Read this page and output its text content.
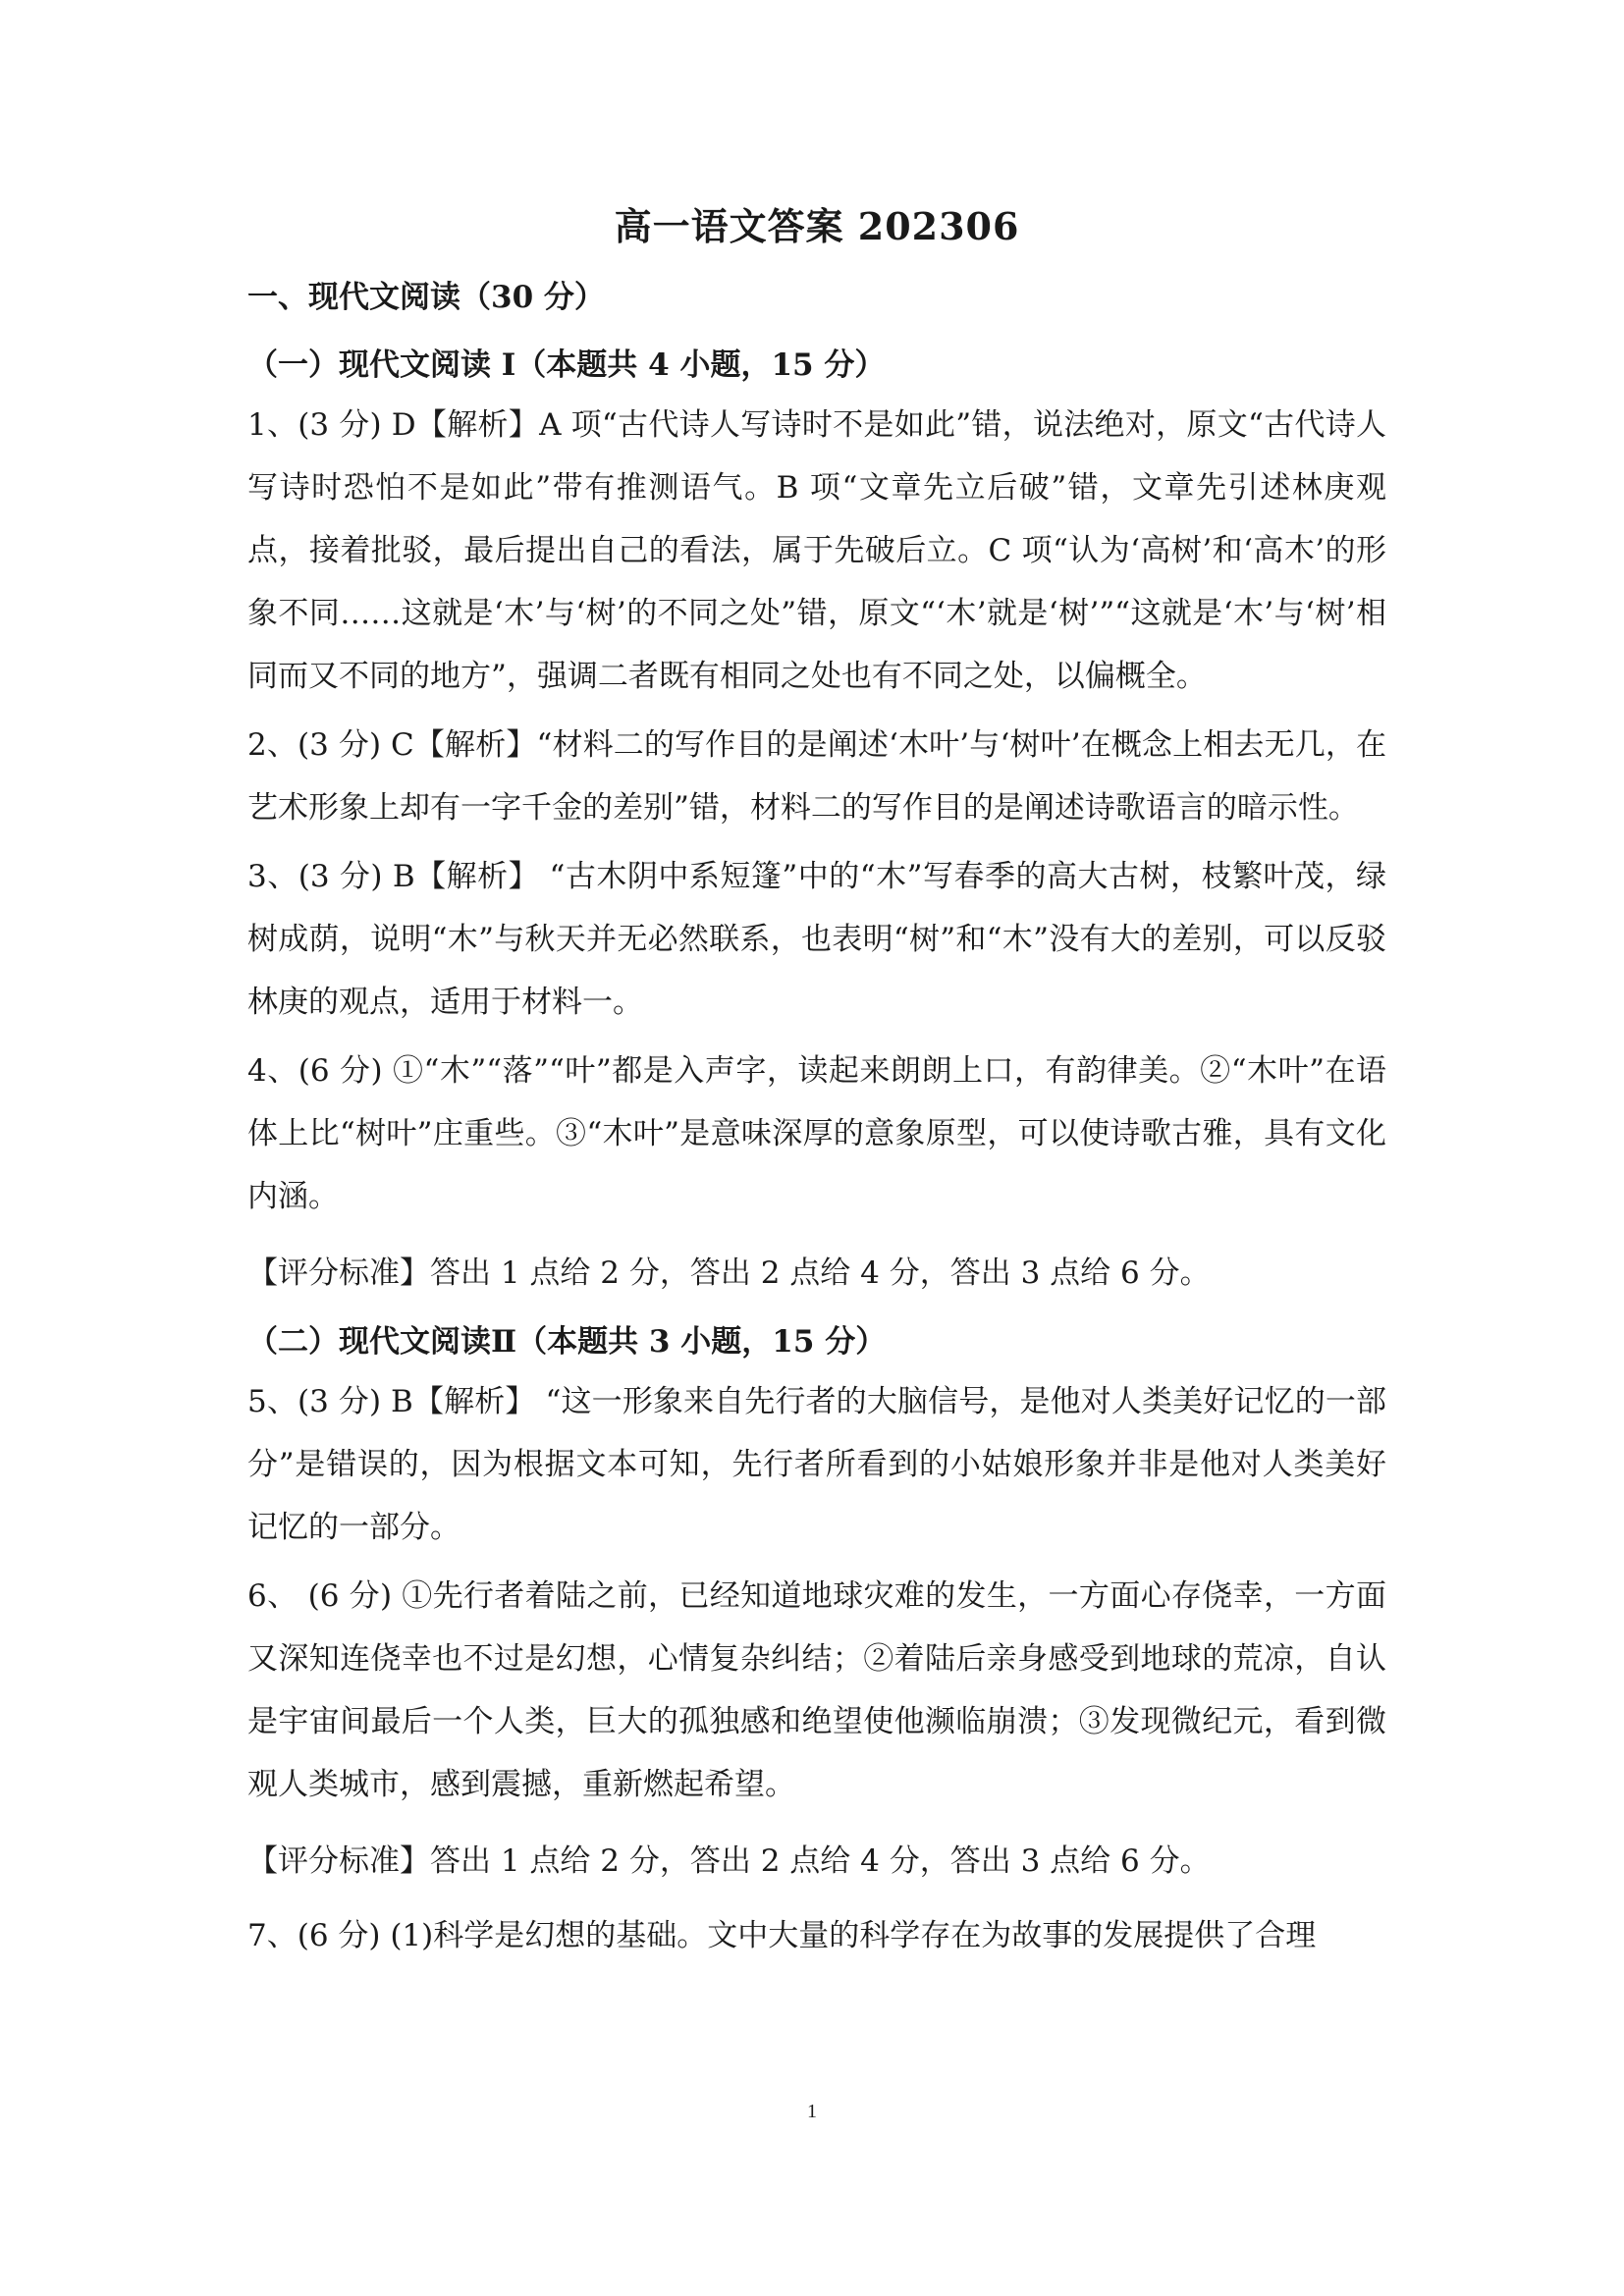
高一语文答案 202306
一、现代文阅读（30 分）
（一）现代文阅读 I（本题共 4 小题，15 分）

1、(3 分) D【解析】A 项“古代诗人写诗时不是如此”错，说法绝对，原文“古代诗人写诗时恐怕不是如此”带有推测语气。B 项“文章先立后破”错，文章先引述林庚观点，接着批驳，最后提出自己的看法，属于先破后立。C 项“认为‘高树’和‘高木’的形象不同……这就是‘木’与‘树’的不同之处”错，原文“‘木’就是‘树’”“这就是‘木’与‘树’相同而又不同的地方”，强调二者既有相同之处也有不同之处，以偏概全。

2、(3 分) C【解析】“材料二的写作目的是阐述‘木叶’与‘树叶’在概念上相去无几，在艺术形象上却有一字千金的差别”错，材料二的写作目的是阐述诗歌语言的暗示性。

3、(3 分) B【解析】 “古木阴中系短篷”中的“木”写春季的高大古树，枝繁叶茂，绿树成荫，说明“木”与秋天并无必然联系，也表明“树”和“木”没有大的差别，可以反驳林庚的观点，适用于材料一。

4、(6 分) ①“木”“落”“叶”都是入声字，读起来朗朗上口，有韵律美。②“木叶”在语体上比“树叶”庄重些。③“木叶”是意味深厚的意象原型，可以使诗歌古雅，具有文化内涵。

【评分标准】答出 1 点给 2 分，答出 2 点给 4 分，答出 3 点给 6 分。
（二）现代文阅读Ⅱ（本题共 3 小题，15 分）

5、(3 分) B【解析】 “这一形象来自先行者的大脑信号，是他对人类美好记忆的一部分”是错误的，因为根据文本可知，先行者所看到的小姑娘形象并非是他对人类美好记忆的一部分。

6、 (6 分) ①先行者着陆之前，已经知道地球灾难的发生，一方面心存侥幸，一方面又深知连侥幸也不过是幻想，心情复杂纠结；②着陆后亲身感受到地球的荒凉，自认是宇宙间最后一个人类，巨大的孤独感和绝望使他濒临崩溃；③发现微纪元，看到微观人类城市，感到震撼，重新燃起希望。

【评分标准】答出 1 点给 2 分，答出 2 点给 4 分，答出 3 点给 6 分。

7、(6 分) (1)科学是幻想的基础。文中大量的科学存在为故事的发展提供了合理

1
